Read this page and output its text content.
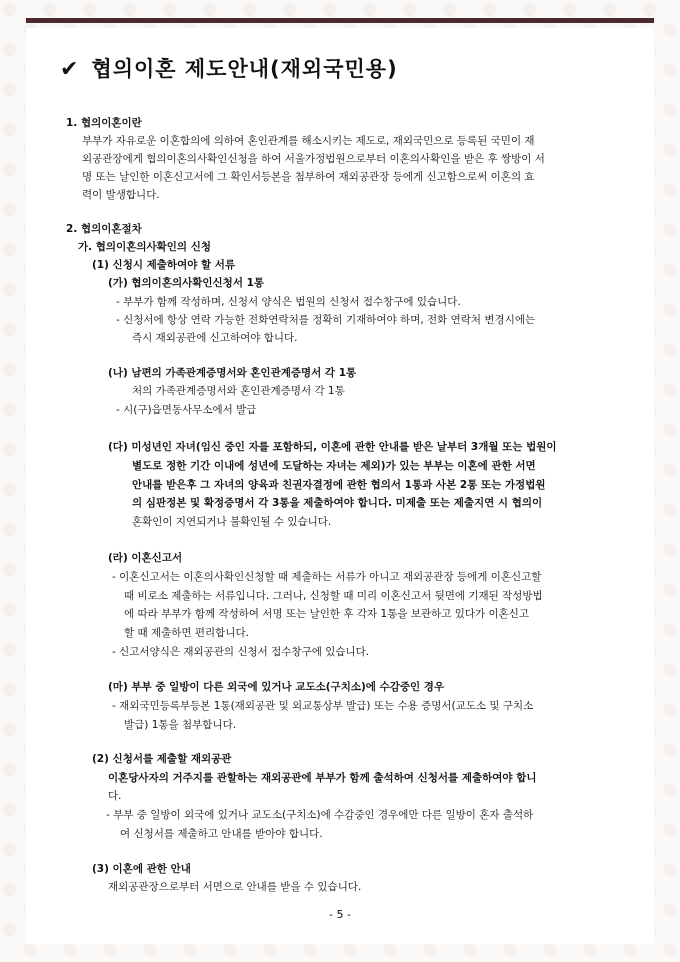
✔ 협의이혼 제도안내(재외국민용)
1. 협의이혼이란
부부가 자유로운 이혼합의에 의하여 혼인관계를 해소시키는 제도로, 재외국민으로 등록된 국민이 재
외공관장에게 협의이혼의사확인신청을 하여 서울가정법원으로부터 이혼의사확인을 받은 후 쌍방이 서
명 또는 날인한 이혼신고서에 그 확인서등본을 첨부하여 재외공관장 등에게 신고함으로써 이혼의 효
력이 발생합니다.
2. 협의이혼절차
가. 협의이혼의사확인의 신청
(1) 신청시 제출하여야 할 서류
(가) 협의이혼의사확인신청서 1통
- 부부가 함께 작성하며, 신청서 양식은 법원의 신청서 접수창구에 있습니다.
- 신청서에 항상 연락 가능한 전화연락처를 정확히 기재하여야 하며, 전화 연락처 변경시에는
즉시 재외공관에 신고하여야 합니다.
(나) 남편의 가족관계증명서와 혼인관계증명서 각 1통
처의 가족관계증명서와 혼인관계증명서 각 1통
- 시(구)읍면동사무소에서 발급
(다) 미성년인 자녀(임신 중인 자를 포함하되, 이혼에 관한 안내를 받은 날부터 3개월 또는 법원이
별도로 정한 기간 이내에 성년에 도달하는 자녀는 제외)가 있는 부부는 이혼에 관한 서면
안내를 받은후 그 자녀의 양육과 친권자결정에 관한 협의서 1통과 사본 2통 또는 가정법원
의 심판정본 및 확정증명서 각 3통을 제출하여야 합니다. 미제출 또는 제출지연 시 협의이
혼확인이 지연되거나 불확인될 수 있습니다.
(라) 이혼신고서
- 이혼신고서는 이혼의사확인신청할 때 제출하는 서류가 아니고 재외공관장 등에게 이혼신고할
때 비로소 제출하는 서류입니다. 그러나, 신청할 때 미리 이혼신고서 뒷면에 기재된 작성방법
에 따라 부부가 함께 작성하여 서명 또는 날인한 후 각자 1통을 보관하고 있다가 이혼신고
할 때 제출하면 편리합니다.
- 신고서양식은 재외공관의 신청서 접수창구에 있습니다.
(마) 부부 중 일방이 다른 외국에 있거나 교도소(구치소)에 수감중인 경우
- 재외국민등록부등본 1통(재외공관 및 외교통상부 발급) 또는 수용 증명서(교도소 및 구치소
발급) 1통을 첨부합니다.
(2) 신청서를 제출할 재외공관
이혼당사자의 거주지를 관할하는 재외공관에 부부가 함께 출석하여 신청서를 제출하여야 합니
다.
- 부부 중 일방이 외국에 있거나 교도소(구치소)에 수감중인 경우에만 다른 일방이 혼자 출석하
여 신청서를 제출하고 안내를 받아야 합니다.
(3) 이혼에 관한 안내
재외공관장으로부터 서면으로 안내를 받을 수 있습니다.
- 5 -
